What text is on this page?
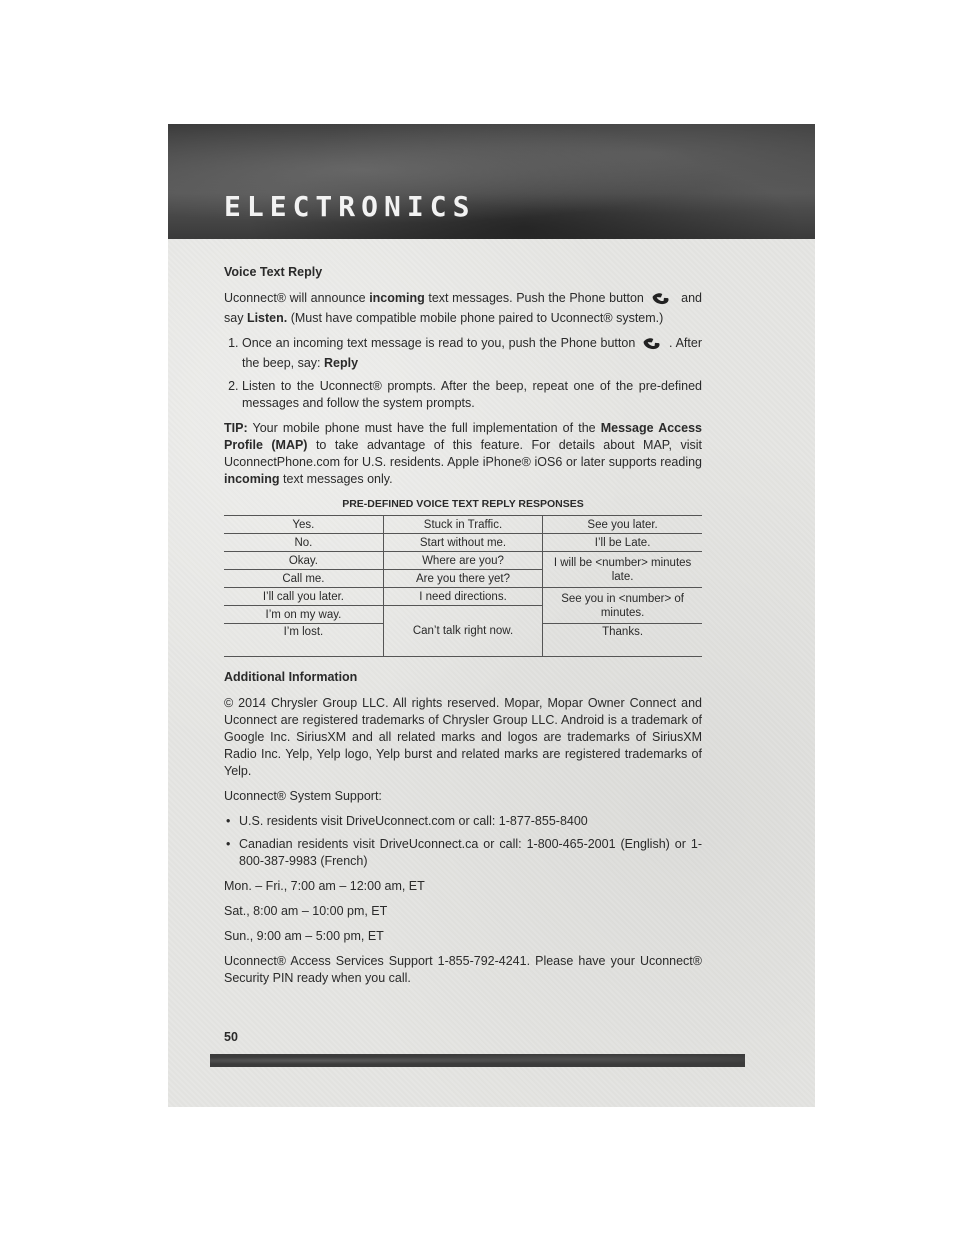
ELECTRONICS
Voice Text Reply

Uconnect® will announce incoming text messages. Push the Phone button  and say Listen. (Must have compatible mobile phone paired to Uconnect® system.)

1. Once an incoming text message is read to you, push the Phone button . After the beep, say: Reply
2. Listen to the Uconnect® prompts. After the beep, repeat one of the pre-defined messages and follow the system prompts.

TIP: Your mobile phone must have the full implementation of the Message Access Profile (MAP) to take advantage of this feature. For details about MAP, visit UconnectPhone.com for U.S. residents. Apple iPhone® iOS6 or later supports reading incoming text messages only.

PRE-DEFINED VOICE TEXT REPLY RESPONSES
Yes.	Stuck in Traffic.	See you later.
No.	Start without me.	I’ll be Late.
Okay.	Where are you?	I will be <number> minutes late.
Call me.	Are you there yet?	
I’ll call you later.	I need directions.	See you in <number> of minutes.
I’m on my way.	Can’t talk right now.	
I’m lost.		Thanks.
Additional Information

© 2014 Chrysler Group LLC. All rights reserved. Mopar, Mopar Owner Connect and Uconnect are registered trademarks of Chrysler Group LLC. Android is a trademark of Google Inc. SiriusXM and all related marks and logos are trademarks of SiriusXM Radio Inc. Yelp, Yelp logo, Yelp burst and related marks are registered trademarks of Yelp.

Uconnect® System Support:

• U.S. residents visit DriveUconnect.com or call: 1-877-855-8400
• Canadian residents visit DriveUconnect.ca or call: 1-800-465-2001 (English) or 1-800-387-9983 (French)

Mon. – Fri., 7:00 am – 12:00 am, ET

Sat., 8:00 am – 10:00 pm, ET

Sun., 9:00 am – 5:00 pm, ET

Uconnect® Access Services Support 1-855-792-4241. Please have your Uconnect® Security PIN ready when you call.

50
